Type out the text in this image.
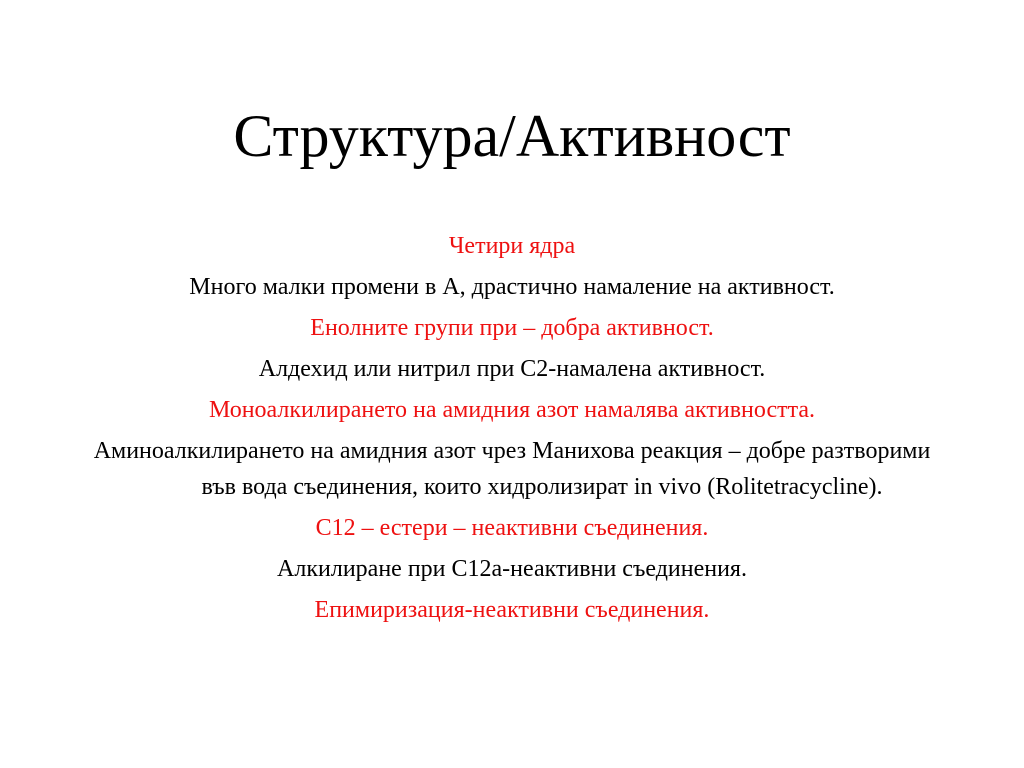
Структура/Активност
Четири ядра
Много малки промени в А, драстично намаление на активност.
Енолните групи при – добра активност.
Алдехид или нитрил при С2-намалена активност.
Моноалкилирането на амидния азот намалява активността.
Аминоалкилирането на амидния азот чрез Манихова реакция – добре разтворими във вода съединения, които хидролизират in vivo (Rolitetracycline).
С12 – естери – неактивни съединения.
Алкилиране при С12а-неактивни съединения.
Епимиризация-неактивни съединения.
